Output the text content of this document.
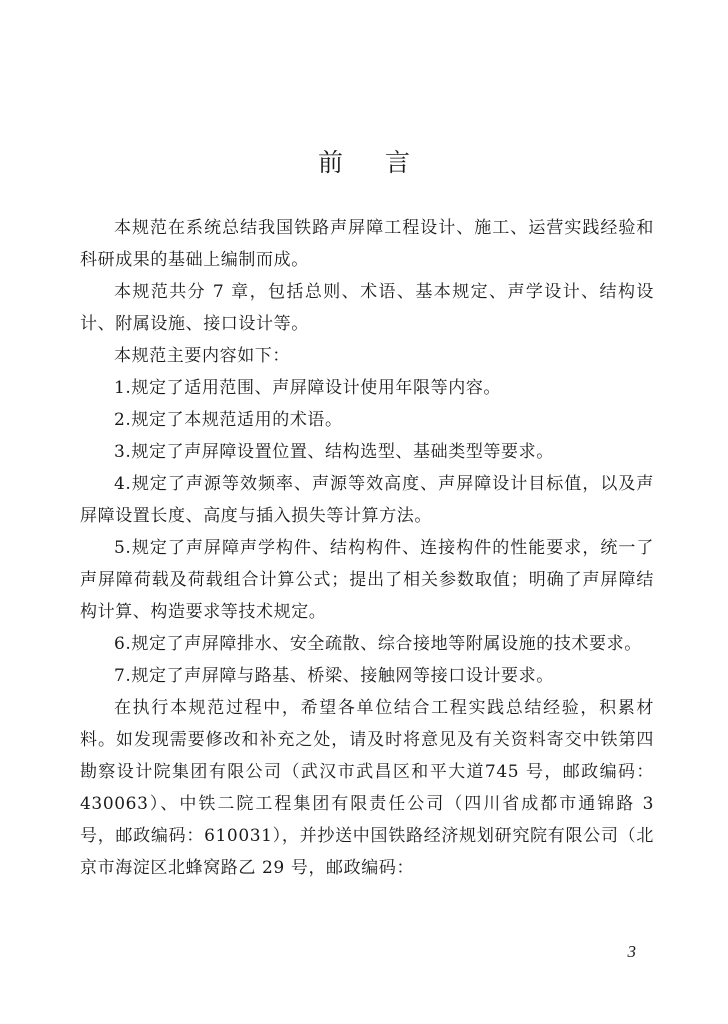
前言

本规范在系统总结我国铁路声屏障工程设计、施工、运营实践经验和科研成果的基础上编制而成。

本规范共分 7 章，包括总则、术语、基本规定、声学设计、结构设计、附属设施、接口设计等。

本规范主要内容如下：

1.规定了适用范围、声屏障设计使用年限等内容。

2.规定了本规范适用的术语。

3.规定了声屏障设置位置、结构选型、基础类型等要求。

4.规定了声源等效频率、声源等效高度、声屏障设计目标值，以及声屏障设置长度、高度与插入损失等计算方法。

5.规定了声屏障声学构件、结构构件、连接构件的性能要求，统一了声屏障荷载及荷载组合计算公式；提出了相关参数取值；明确了声屏障结构计算、构造要求等技术规定。

6.规定了声屏障排水、安全疏散、综合接地等附属设施的技术要求。

7.规定了声屏障与路基、桥梁、接触网等接口设计要求。

在执行本规范过程中，希望各单位结合工程实践总结经验，积累材料。如发现需要修改和补充之处，请及时将意见及有关资料寄交中铁第四勘察设计院集团有限公司（武汉市武昌区和平大道745 号，邮政编码：430063）、中铁二院工程集团有限责任公司（四川省成都市通锦路 3 号，邮政编码：610031），并抄送中国铁路经济规划研究院有限公司（北京市海淀区北蜂窝路乙 29 号，邮政编码：

3
